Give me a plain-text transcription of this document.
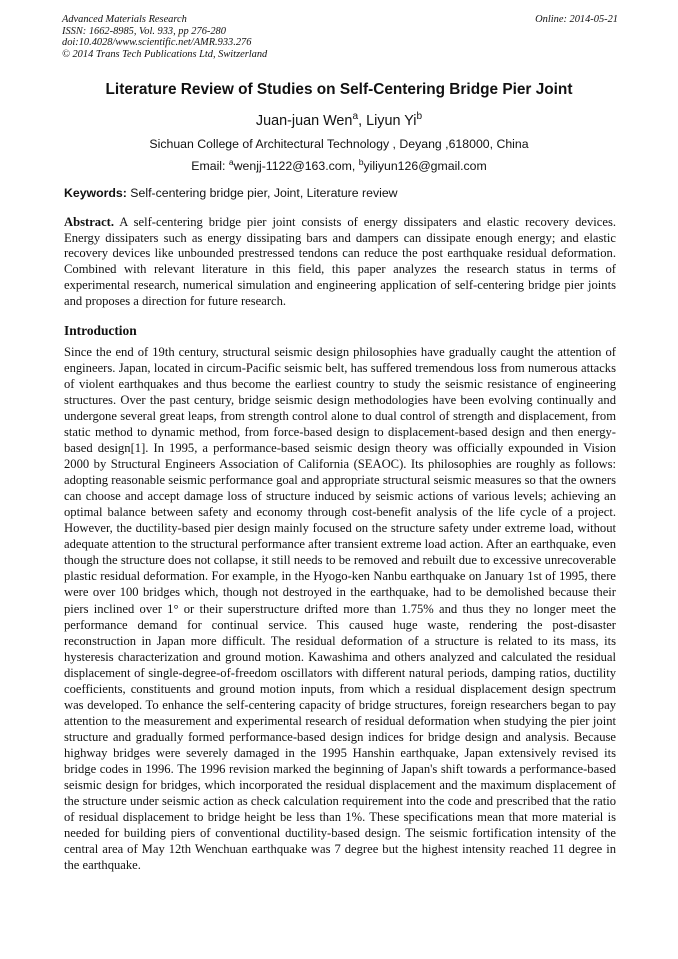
Advanced Materials Research
ISSN: 1662-8985, Vol. 933, pp 276-280
doi:10.4028/www.scientific.net/AMR.933.276
© 2014 Trans Tech Publications Ltd, Switzerland
Online: 2014-05-21
Literature Review of Studies on Self-Centering Bridge Pier Joint
Juan-juan Wen$^a$, Liyun Yi$^b$
Sichuan College of Architectural Technology , Deyang ,618000, China
Email: $^a$wenjj-1122@163.com, $^b$yiliyun126@gmail.com
Keywords: Self-centering bridge pier, Joint, Literature review

Abstract. A self-centering bridge pier joint consists of energy dissipaters and elastic recovery devices. Energy dissipaters such as energy dissipating bars and dampers can dissipate enough energy; and elastic recovery devices like unbounded prestressed tendons can reduce the post earthquake residual deformation. Combined with relevant literature in this field, this paper analyzes the research status in terms of experimental research, numerical simulation and engineering application of self-centering bridge pier joints and proposes a direction for future research.

Introduction

Since the end of 19th century, structural seismic design philosophies have gradually caught the attention of engineers. Japan, located in circum-Pacific seismic belt, has suffered tremendous loss from numerous attacks of violent earthquakes and thus become the earliest country to study the seismic resistance of engineering structures. Over the past century, bridge seismic design methodologies have been evolving continually and undergone several great leaps, from strength control alone to dual control of strength and displacement, from static method to dynamic method, from force-based design to displacement-based design and then energy-based design[1]. In 1995, a performance-based seismic design theory was officially expounded in Vision 2000 by Structural Engineers Association of California (SEAOC). Its philosophies are roughly as follows: adopting reasonable seismic performance goal and appropriate structural seismic measures so that the owners can choose and accept damage loss of structure induced by seismic actions of various levels; achieving an optimal balance between safety and economy through cost-benefit analysis of the life cycle of a project. However, the ductility-based pier design mainly focused on the structure safety under extreme load, without adequate attention to the structural performance after transient extreme load action. After an earthquake, even though the structure does not collapse, it still needs to be removed and rebuilt due to excessive unrecoverable plastic residual deformation. For example, in the Hyogo-ken Nanbu earthquake on January 1st of 1995, there were over 100 bridges which, though not destroyed in the earthquake, had to be demolished because their piers inclined over 1° or their superstructure drifted more than 1.75% and thus they no longer meet the performance demand for continual service. This caused huge waste, rendering the post-disaster reconstruction in Japan more difficult. The residual deformation of a structure is related to its mass, its hysteresis characterization and ground motion. Kawashima and others analyzed and calculated the residual displacement of single-degree-of-freedom oscillators with different natural periods, damping ratios, ductility coefficients, constituents and ground motion inputs, from which a residual displacement design spectrum was developed. To enhance the self-centering capacity of bridge structures, foreign researchers began to pay attention to the measurement and experimental research of residual deformation when studying the pier joint structure and gradually formed performance-based design indices for bridge design and analysis. Because highway bridges were severely damaged in the 1995 Hanshin earthquake, Japan extensively revised its bridge codes in 1996. The 1996 revision marked the beginning of Japan's shift towards a performance-based seismic design for bridges, which incorporated the residual displacement and the maximum displacement of the structure under seismic action as check calculation requirement into the code and prescribed that the ratio of residual displacement to bridge height be less than 1%. These specifications mean that more material is needed for building piers of conventional ductility-based design. The seismic fortification intensity of the central area of May 12th Wenchuan earthquake was 7 degree but the highest intensity reached 11 degree in the earthquake.
